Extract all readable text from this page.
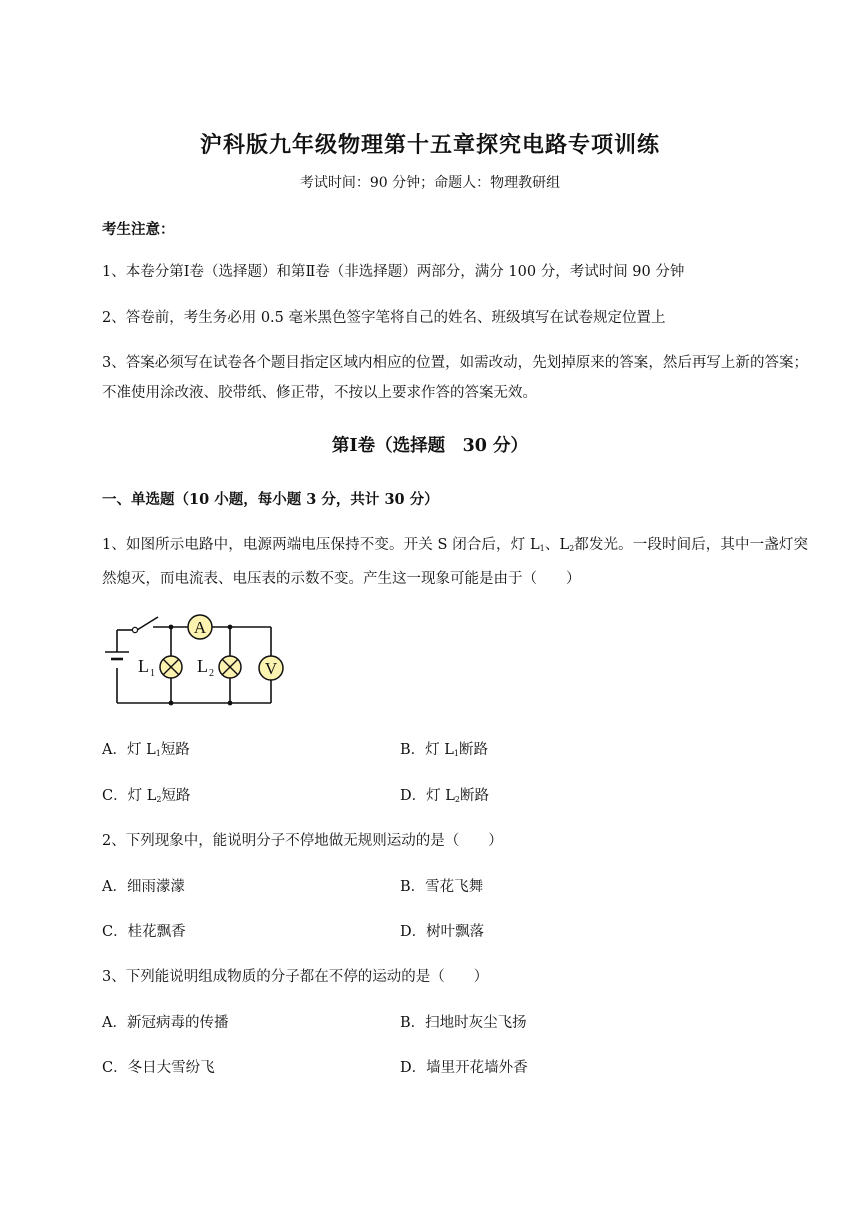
沪科版九年级物理第十五章探究电路专项训练
考试时间：90 分钟；命题人：物理教研组
考生注意：
1、本卷分第Ⅰ卷（选择题）和第Ⅱ卷（非选择题）两部分，满分 100 分，考试时间 90 分钟
2、答卷前，考生务必用 0.5 毫米黑色签字笔将自己的姓名、班级填写在试卷规定位置上
3、答案必须写在试卷各个题目指定区域内相应的位置，如需改动，先划掉原来的答案，然后再写上新的答案；不准使用涂改液、胶带纸、修正带，不按以上要求作答的答案无效。
第Ⅰ卷（选择题　30 分）
一、单选题（10 小题，每小题 3 分，共计 30 分）
1、如图所示电路中，电源两端电压保持不变。开关 S 闭合后，灯 $L_1$、$L_2$都发光。一段时间后，其中一盏灯突然熄灭，而电流表、电压表的示数不变。产生这一现象可能是由于（　　）
A
L 1 L 2	V
A．灯 $L_1$短路	B．灯 $L_1$断路
C．灯 $L_2$短路	D．灯 $L_2$断路
2、下列现象中，能说明分子不停地做无规则运动的是（　　）
A．细雨濛濛	B．雪花飞舞
C．桂花飘香	D．树叶飘落
3、下列能说明组成物质的分子都在不停的运动的是（　　）
A．新冠病毒的传播	B．扫地时灰尘飞扬
C．冬日大雪纷飞	D．墙里开花墙外香
